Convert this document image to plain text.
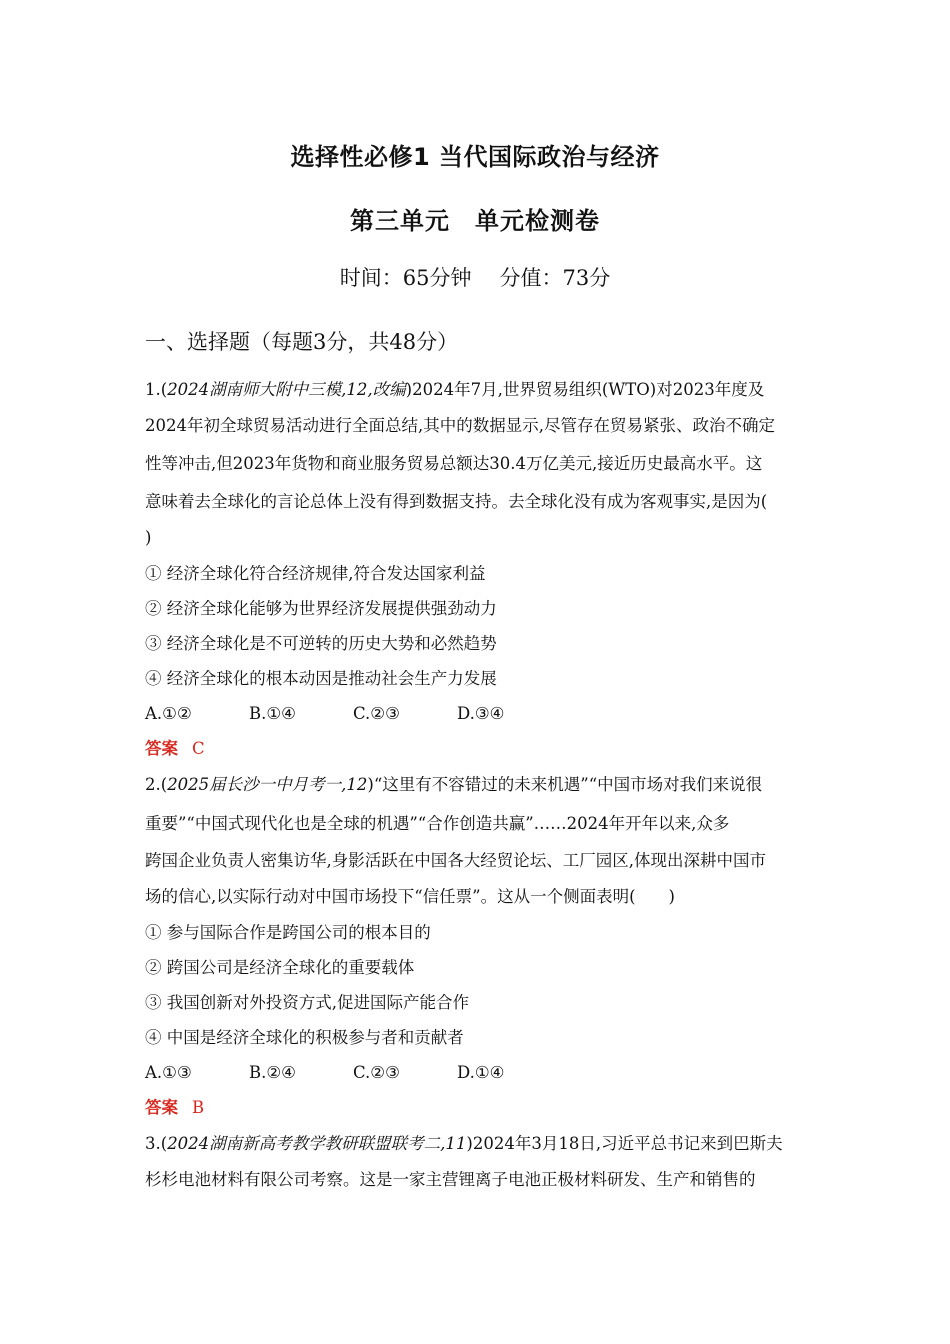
选择性必修1 当代国际政治与经济
第三单元　单元检测卷
时间：65分钟 分值：73分
一、选择题（每题3分，共48分）
1.(2024湖南师大附中三模,12,改编)2024年7月,世界贸易组织(WTO)对2023年度及
2024年初全球贸易活动进行全面总结,其中的数据显示,尽管存在贸易紧张、政治不确定
性等冲击,但2023年货物和商业服务贸易总额达30.4万亿美元,接近历史最高水平。这
意味着去全球化的言论总体上没有得到数据支持。去全球化没有成为客观事实,是因为(
)
① 经济全球化符合经济规律,符合发达国家利益
② 经济全球化能够为世界经济发展提供强劲动力
③ 经济全球化是不可逆转的历史大势和必然趋势
④ 经济全球化的根本动因是推动社会生产力发展
A.①②	B.①④	C.②③	D.③④
答案 C
2.(2025届长沙一中月考一,12)“这里有不容错过的未来机遇”“中国市场对我们来说很
重要”“中国式现代化也是全球的机遇”“合作创造共赢”……2024年开年以来,众多
跨国企业负责人密集访华,身影活跃在中国各大经贸论坛、工厂园区,体现出深耕中国市
场的信心,以实际行动对中国市场投下“信任票”。这从一个侧面表明(　　)
① 参与国际合作是跨国公司的根本目的
② 跨国公司是经济全球化的重要载体
③ 我国创新对外投资方式,促进国际产能合作
④ 中国是经济全球化的积极参与者和贡献者
A.①③	B.②④	C.②③	D.①④
答案 B
3.(2024湖南新高考教学教研联盟联考二,11)2024年3月18日,习近平总书记来到巴斯夫
杉杉电池材料有限公司考察。这是一家主营锂离子电池正极材料研发、生产和销售的
